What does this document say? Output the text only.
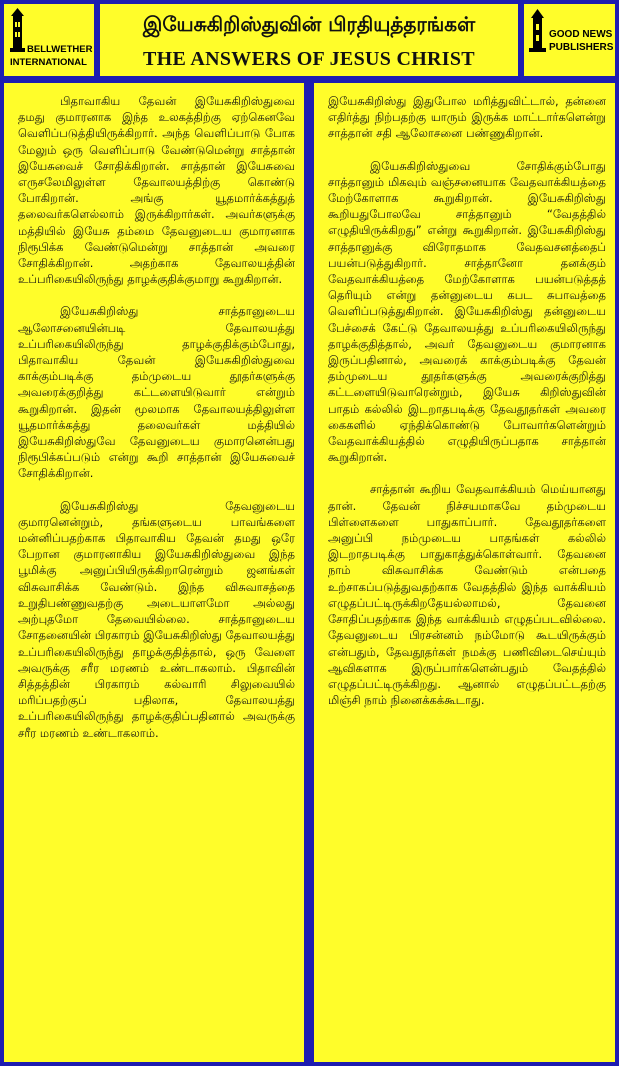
BELLWETHER
INTERNATIONAL
இயேசுகிறிஸ்துவின் பிரதியுத்தரங்கள்
THE ANSWERS OF JESUS CHRIST
GOOD NEWS
PUBLISHERS

பிதாவாகிய தேவன் இயேசுகிறிஸ்துவை தமது குமாரனாக இந்த உலகத்திற்கு ஏற்கெனவே வெளிப்படுத்தியிருக்கிறார். அந்த வெளிப்பாடு போக மேலும் ஒரு வெளிப்பாடு வேண்டுமென்று சாத்தான் இயேசுவைச் சோதிக்கிறான். சாத்தான் இயேசுவை எருசலேமிலுள்ள தேவாலயத்திற்கு கொண்டு போகிறான். அங்கு யூதமார்க்கத்துத் தலைவர்களெல்லாம் இருக்கிறார்கள். அவர்களுக்கு மத்தியில் இயேசு தம்மை தேவனுடைய குமாரனாக நிரூபிக்க வேண்டுமென்று சாத்தான் அவரை சோதிக்கிறான். அதற்காக தேவாலயத்தின் உப்பரிகையிலிருந்து தாழக்குதிக்குமாறு கூறுகிறான்.

இயேசுகிறிஸ்து சாத்தானுடைய ஆலோசனையின்படி தேவாலயத்து உப்பரிகையிலிருந்து தாழக்குதிக்கும்போது, பிதாவாகிய தேவன் இயேசுகிறிஸ்துவை காக்கும்படிக்கு தம்முடைய தூதர்களுக்கு அவரைக்குறித்து கட்டளையிடுவார் என்றும் கூறுகிறான். இதன் மூலமாக தேவாலயத்திலுள்ள யூதமார்க்கத்து தலைவர்கள் மத்தியில் இயேசுகிறிஸ்துவே தேவனுடைய குமாரனென்பது நிரூபிக்கப்படும் என்று கூறி சாத்தான் இயேசுவைச் சோதிக்கிறான்.

இயேசுகிறிஸ்து தேவனுடைய குமாரனென்றும், தங்களுடைய பாவங்களை மன்னிப்பதற்காக பிதாவாகிய தேவன் தமது ஒரே பேறான குமாரனாகிய இயேசுகிறிஸ்துவை இந்த பூமிக்கு அனுப்பியிருக்கிறாரென்றும் ஜனங்கள் விசுவாசிக்க வேண்டும். இந்த விசுவாசத்தை உறுதிபண்ணுவதற்கு அடையாளமோ அல்லது அற்புதமோ தேவையில்லை. சாத்தானுடைய சோதனையின் பிரகாரம் இயேசுகிறிஸ்து தேவாலயத்து உப்பரிகையிலிருந்து தாழக்குதித்தால், ஒரு வேளை அவருக்கு சரீர மரணம் உண்டாகலாம். பிதாவின் சித்தத்தின் பிரகாரம் கல்வாரி சிலுவையில் மரிப்பதற்குப் பதிலாக, தேவாலயத்து உப்பரிகையிலிருந்து தாழக்குதிப்பதினால் அவருக்கு சரீர மரணம் உண்டாகலாம்.

இயேசுகிறிஸ்து இதுபோல மரித்துவிட்டால், தன்னை எதிர்த்து நிற்பதற்கு யாரும் இருக்க மாட்டார்களென்று சாத்தான் சதி ஆலோசனை பண்ணுகிறான்.

இயேசுகிறிஸ்துவை சோதிக்கும்போது சாத்தானும் மிகவும் வஞ்சனையாக வேதவாக்கியத்தை மேற்கோளாக கூறுகிறான். இயேசுகிறிஸ்து கூறியதுபோலவே சாத்தானும் “வேதத்தில் எழுதியிருக்கிறது” என்று கூறுகிறான். இயேசுகிறிஸ்து சாத்தானுக்கு விரோதமாக வேதவசனத்தைப் பயன்படுத்துகிறார். சாத்தானோ தனக்கும் வேதவாக்கியத்தை மேற்கோளாக பயன்படுத்தத் தெரியும் என்று தன்னுடைய கபட சுபாவத்தை வெளிப்படுத்துகிறான். இயேசுகிறிஸ்து தன்னுடைய பேச்சைக் கேட்டு தேவாலயத்து உப்பரிகையிலிருந்து தாழக்குதித்தால், அவர் தேவனுடைய குமாரனாக இருப்பதினால், அவரைக் காக்கும்படிக்கு தேவன் தம்முடைய தூதர்களுக்கு அவரைக்குறித்து கட்டளையிடுவாரென்றும், இயேசு கிறிஸ்துவின் பாதம் கல்லில் இடறாதபடிக்கு தேவதூதர்கள் அவரை கைகளில் ஏந்திக்கொண்டு போவார்களென்றும் வேதவாக்கியத்தில் எழுதியிருப்பதாக சாத்தான் கூறுகிறான்.

சாத்தான் கூறிய வேதவாக்கியம் மெய்யானது தான். தேவன் நிச்சயமாகவே தம்முடைய பிள்ளைகளை பாதுகாப்பார். தேவதூதர்களை அனுப்பி நம்முடைய பாதங்கள் கல்லில் இடறாதபடிக்கு பாதுகாத்துக்கொள்வார். தேவனை நாம் விசுவாசிக்க வேண்டும் என்பதை உற்சாகப்படுத்துவதற்காக வேதத்தில் இந்த வாக்கியம் எழுதப்பட்டிருக்கிறதேயல்லாமல், தேவனை சோதிப்பதற்காக இந்த வாக்கியம் எழுதப்படவில்லை. தேவனுடைய பிரசன்னம் நம்மோடு கூடயிருக்கும் என்பதும், தேவதூதர்கள் நமக்கு பணிவிடைசெய்யும் ஆவிகளாக இருப்பார்களென்பதும் வேதத்தில் எழுதப்பட்டிருக்கிறது. ஆனால் எழுதப்பட்டதற்கு மிஞ்சி நாம் நினைக்கக்கூடாது.
